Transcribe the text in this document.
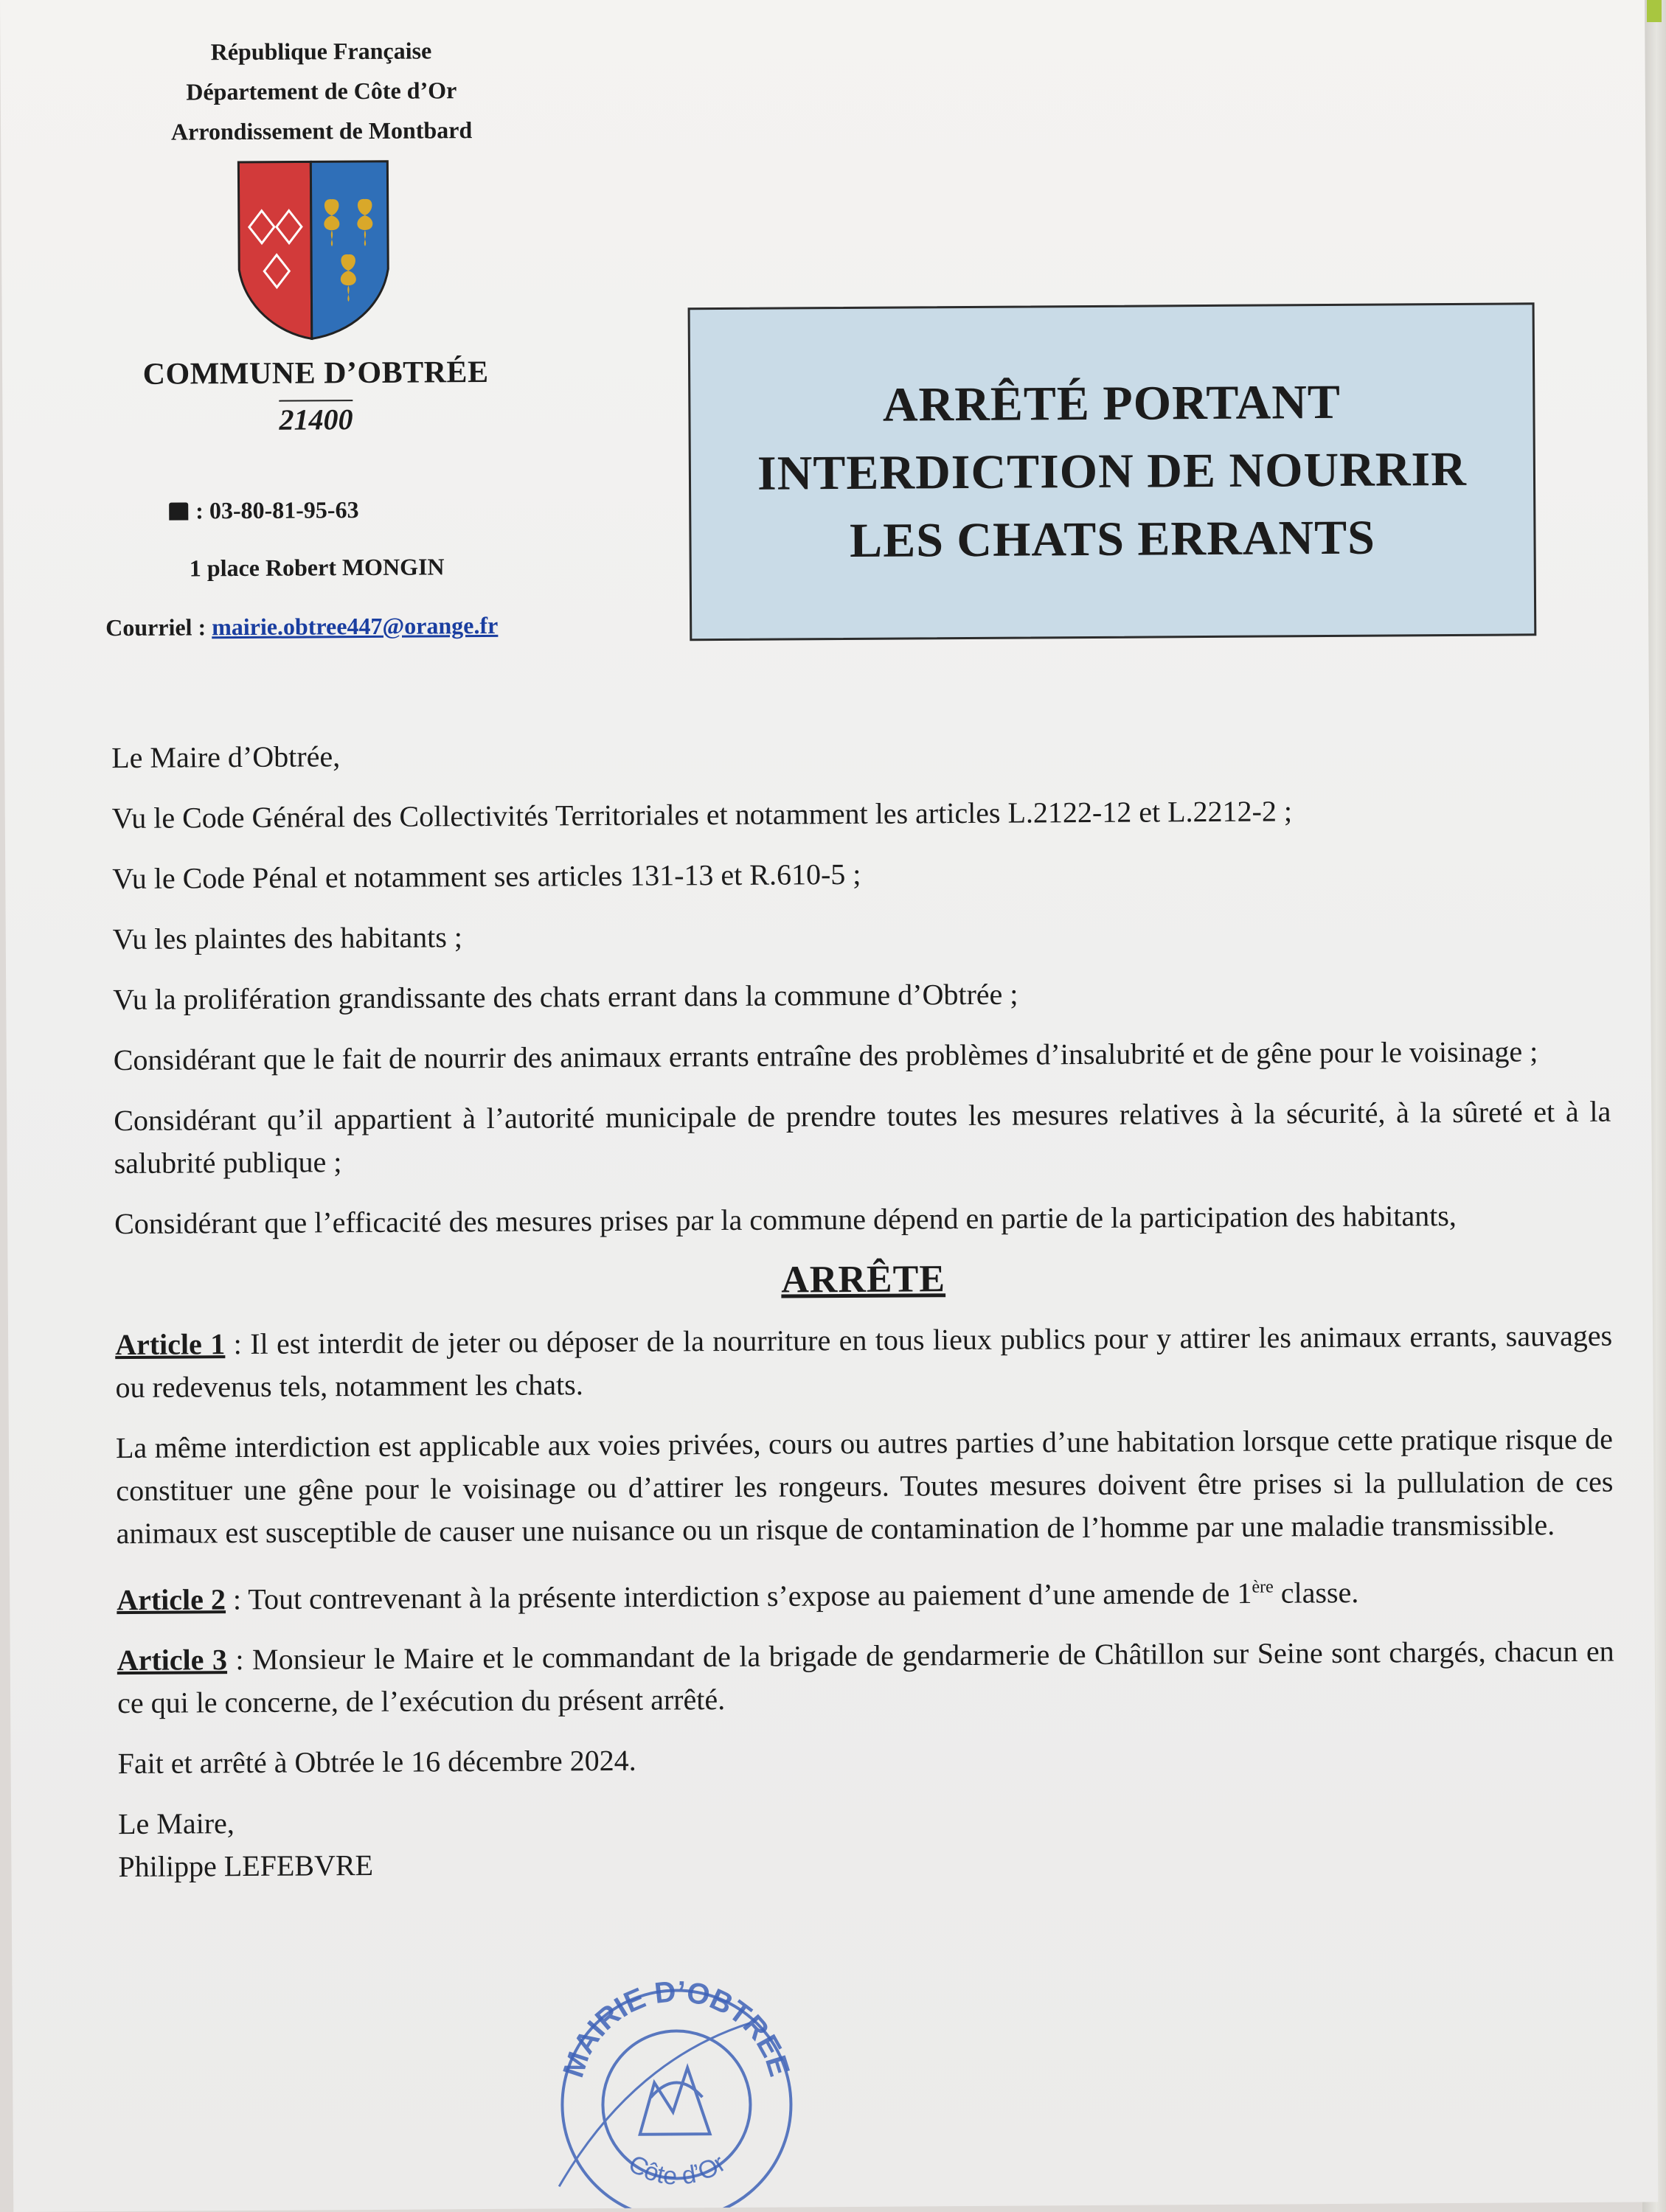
République Française
Département de Côte d’Or
Arrondissement de Montbard
COMMUNE D’OBTRÉE
21400
: 03-80-81-95-63
1 place Robert MONGIN
Courriel : mairie.obtree447@orange.fr
ARRÊTÉ PORTANT
INTERDICTION DE NOURRIR
LES CHATS ERRANTS

Le Maire d’Obtrée,

Vu le Code Général des Collectivités Territoriales et notamment les articles L.2122-12 et L.2212-2 ;

Vu le Code Pénal et notamment ses articles 131-13 et R.610-5 ;

Vu les plaintes des habitants ;

Vu la prolifération grandissante des chats errant dans la commune d’Obtrée ;

Considérant que le fait de nourrir des animaux errants entraîne des problèmes d’insalubrité et de gêne pour le voisinage ;

Considérant qu’il appartient à l’autorité municipale de prendre toutes les mesures relatives à la sécurité, à la sûreté et à la salubrité publique ;

Considérant que l’efficacité des mesures prises par la commune dépend en partie de la participation des habitants,

ARRÊTE

Article 1 : Il est interdit de jeter ou déposer de la nourriture en tous lieux publics pour y attirer les animaux errants, sauvages ou redevenus tels, notamment les chats.

La même interdiction est applicable aux voies privées, cours ou autres parties d’une habitation lorsque cette pratique risque de constituer une gêne pour le voisinage ou d’attirer les rongeurs. Toutes mesures doivent être prises si la pullulation de ces animaux est susceptible de causer une nuisance ou un risque de contamination de l’homme par une maladie transmissible.

Article 2 : Tout contrevenant à la présente interdiction s’expose au paiement d’une amende de 1ère classe.

Article 3 : Monsieur le Maire et le commandant de la brigade de gendarmerie de Châtillon sur Seine sont chargés, chacun en ce qui le concerne, de l’exécution du présent arrêté.

Fait et arrêté à Obtrée le 16 décembre 2024.

Le Maire,
Philippe LEFEBVRE
MAIRIE D’OBTREE
Côte d’Or
